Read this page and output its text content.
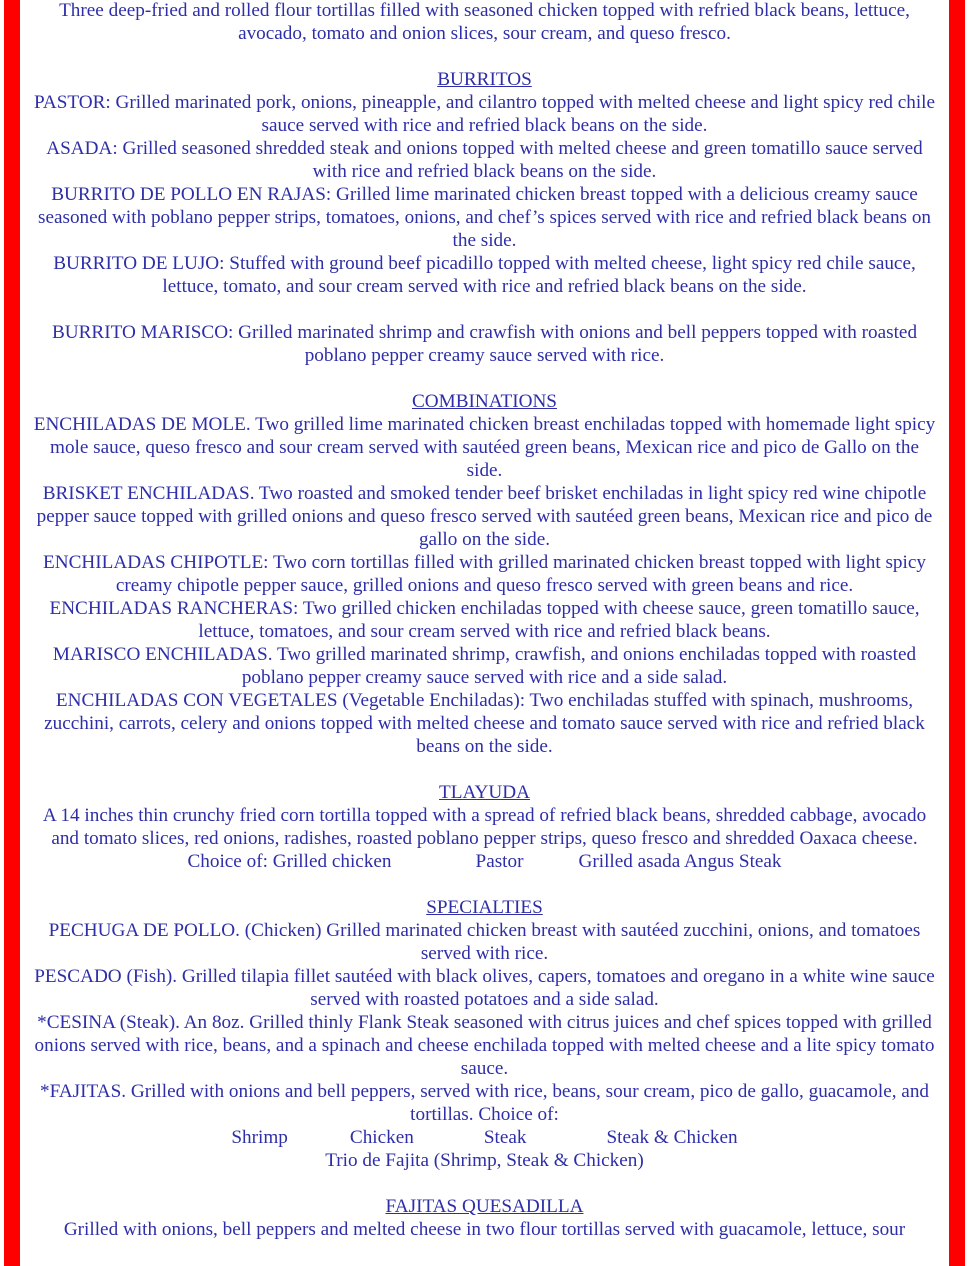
Three deep-fried and rolled flour tortillas filled with seasoned chicken topped with refried black beans, lettuce, avocado, tomato and onion slices, sour cream, and queso fresco.

BURRITOS

PASTOR: Grilled marinated pork, onions, pineapple, and cilantro topped with melted cheese and light spicy red chile sauce served with rice and refried black beans on the side.

ASADA: Grilled seasoned shredded steak and onions topped with melted cheese and green tomatillo sauce served with rice and refried black beans on the side.

BURRITO DE POLLO EN RAJAS: Grilled lime marinated chicken breast topped with a delicious creamy sauce seasoned with poblano pepper strips, tomatoes, onions, and chef’s spices served with rice and refried black beans on the side.

BURRITO DE LUJO: Stuffed with ground beef picadillo topped with melted cheese, light spicy red chile sauce, lettuce, tomato, and sour cream served with rice and refried black beans on the side.

BURRITO MARISCO: Grilled marinated shrimp and crawfish with onions and bell peppers topped with roasted poblano pepper creamy sauce served with rice.

COMBINATIONS

ENCHILADAS DE MOLE. Two grilled lime marinated chicken breast enchiladas topped with homemade light spicy mole sauce, queso fresco and sour cream served with sautéed green beans, Mexican rice and pico de Gallo on the side.

BRISKET ENCHILADAS. Two roasted and smoked tender beef brisket enchiladas in light spicy red wine chipotle pepper sauce topped with grilled onions and queso fresco served with sautéed green beans, Mexican rice and pico de gallo on the side.

ENCHILADAS CHIPOTLE: Two corn tortillas filled with grilled marinated chicken breast topped with light spicy creamy chipotle pepper sauce, grilled onions and queso fresco served with green beans and rice.

ENCHILADAS RANCHERAS: Two grilled chicken enchiladas topped with cheese sauce, green tomatillo sauce, lettuce, tomatoes, and sour cream served with rice and refried black beans.

MARISCO ENCHILADAS. Two grilled marinated shrimp, crawfish, and onions enchiladas topped with roasted poblano pepper creamy sauce served with rice and a side salad.

ENCHILADAS CON VEGETALES (Vegetable Enchiladas): Two enchiladas stuffed with spinach, mushrooms, zucchini, carrots, celery and onions topped with melted cheese and tomato sauce served with rice and refried black beans on the side.

TLAYUDA

A 14 inches thin crunchy fried corn tortilla topped with a spread of refried black beans, shredded cabbage, avocado and tomato slices, red onions, radishes, roasted poblano pepper strips, queso fresco and shredded Oaxaca cheese.

Choice of: Grilled chicken	Pastor	Grilled asada Angus Steak

SPECIALTIES

PECHUGA DE POLLO. (Chicken) Grilled marinated chicken breast with sautéed zucchini, onions, and tomatoes served with rice.

PESCADO (Fish). Grilled tilapia fillet sautéed with black olives, capers, tomatoes and oregano in a white wine sauce served with roasted potatoes and a side salad.

*CESINA (Steak). An 8oz. Grilled thinly Flank Steak seasoned with citrus juices and chef spices topped with grilled onions served with rice, beans, and a spinach and cheese enchilada topped with melted cheese and a lite spicy tomato sauce.

*FAJITAS. Grilled with onions and bell peppers, served with rice, beans, sour cream, pico de gallo, guacamole, and tortillas. Choice of:

Shrimp	Chicken	Steak	Steak & Chicken

Trio de Fajita (Shrimp, Steak & Chicken)

FAJITAS QUESADILLA

Grilled with onions, bell peppers and melted cheese in two flour tortillas served with guacamole, lettuce, sour
